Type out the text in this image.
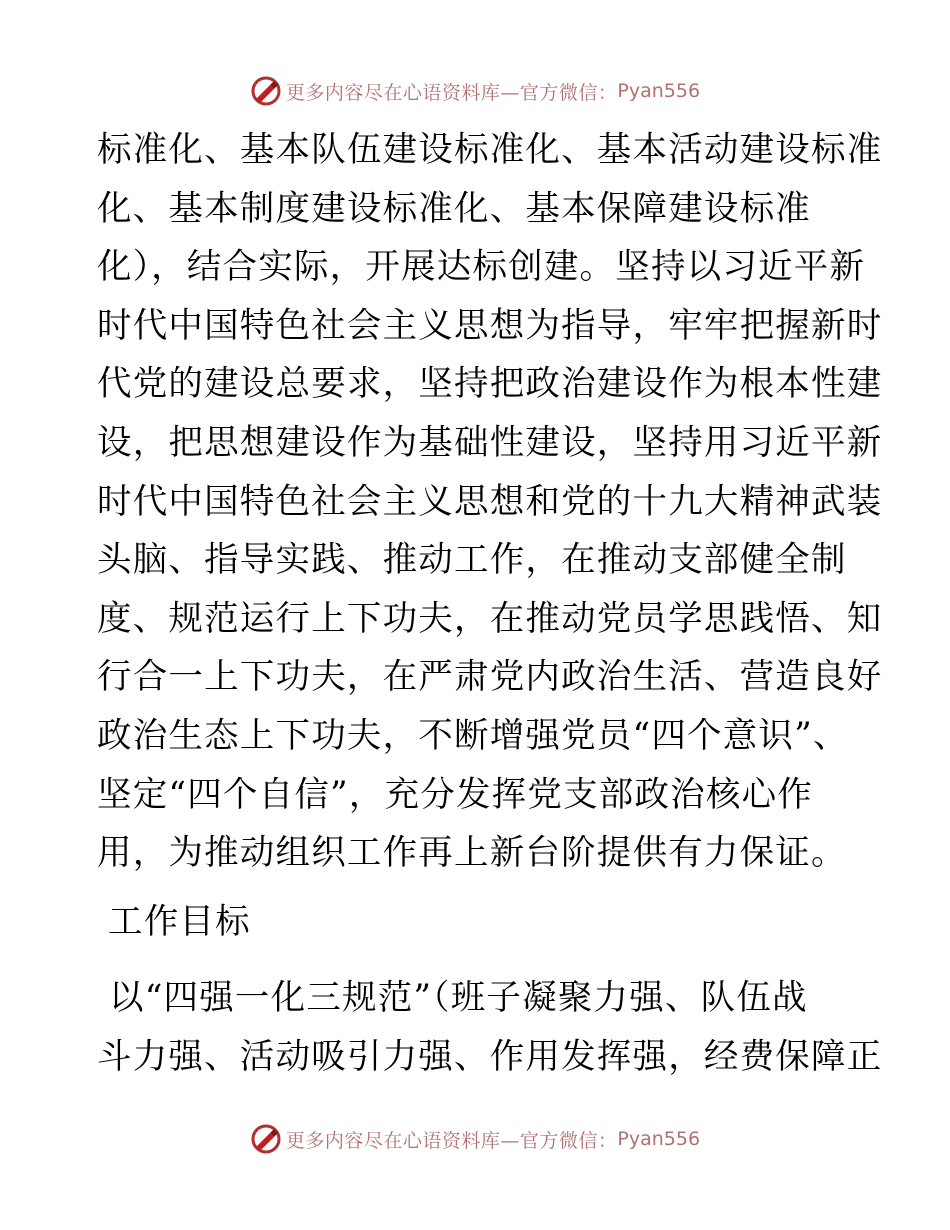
更多内容尽在心语资料库—官方微信： Pyan556
标准化、基本队伍建设标准化、基本活动建设标准
化、基本制度建设标准化、基本保障建设标准
化），结合实际，开展达标创建。坚持以习近平新
时代中国特色社会主义思想为指导，牢牢把握新时
代党的建设总要求，坚持把政治建设作为根本性建
设，把思想建设作为基础性建设，坚持用习近平新
时代中国特色社会主义思想和党的十九大精神武装
头脑、指导实践、推动工作，在推动支部健全制
度、规范运行上下功夫，在推动党员学思践悟、知
行合一上下功夫，在严肃党内政治生活、营造良好
政治生态上下功夫，不断增强党员“四个意识”、
坚定“四个自信”，充分发挥党支部政治核心作
用，为推动组织工作再上新台阶提供有力保证。
工作目标
以“四强一化三规范”（班子凝聚力强、队伍战
斗力强、活动吸引力强、作用发挥强，经费保障正
更多内容尽在心语资料库—官方微信： Pyan556
